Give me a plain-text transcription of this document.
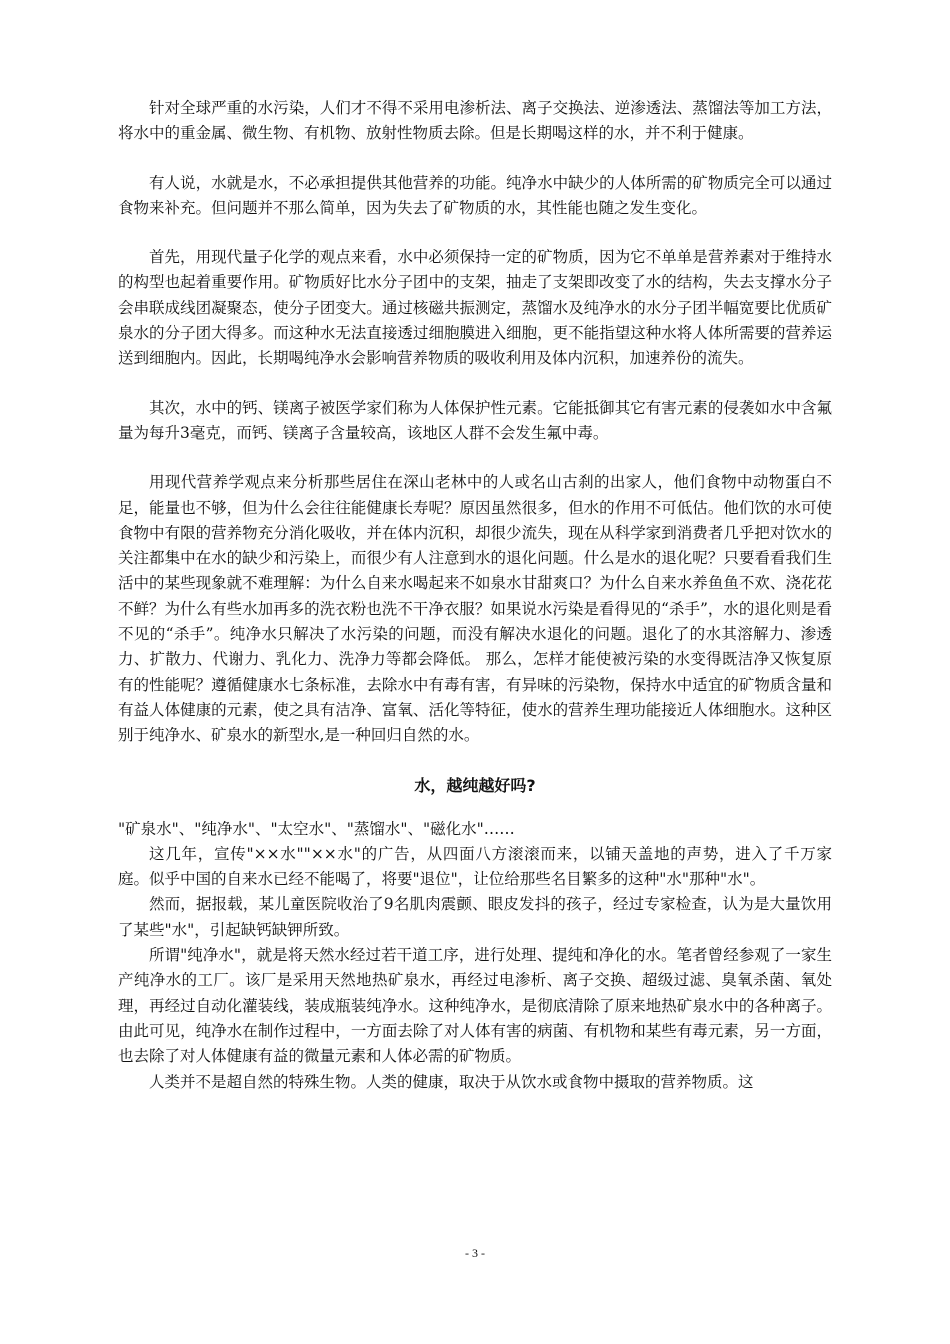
针对全球严重的水污染，人们才不得不采用电渗析法、离子交换法、逆渗透法、蒸馏法等加工方法，将水中的重金属、微生物、有机物、放射性物质去除。但是长期喝这样的水，并不利于健康。

有人说，水就是水，不必承担提供其他营养的功能。纯净水中缺少的人体所需的矿物质完全可以通过食物来补充。但问题并不那么简单，因为失去了矿物质的水，其性能也随之发生变化。

首先，用现代量子化学的观点来看，水中必须保持一定的矿物质，因为它不单单是营养素对于维持水的构型也起着重要作用。矿物质好比水分子团中的支架，抽走了支架即改变了水的结构，失去支撑水分子会串联成线团凝聚态，使分子团变大。通过核磁共振测定，蒸馏水及纯净水的水分子团半幅宽要比优质矿泉水的分子团大得多。而这种水无法直接透过细胞膜进入细胞，更不能指望这种水将人体所需要的营养运送到细胞内。因此，长期喝纯净水会影响营养物质的吸收利用及体内沉积，加速养份的流失。

其次，水中的钙、镁离子被医学家们称为人体保护性元素。它能抵御其它有害元素的侵袭如水中含氟量为每升3毫克，而钙、镁离子含量较高，该地区人群不会发生氟中毒。

用现代营养学观点来分析那些居住在深山老林中的人或名山古刹的出家人，他们食物中动物蛋白不足，能量也不够，但为什么会往往能健康长寿呢？原因虽然很多，但水的作用不可低估。他们饮的水可使食物中有限的营养物充分消化吸收，并在体内沉积，却很少流失，现在从科学家到消费者几乎把对饮水的关注都集中在水的缺少和污染上，而很少有人注意到水的退化问题。什么是水的退化呢？只要看看我们生活中的某些现象就不难理解：为什么自来水喝起来不如泉水甘甜爽口？为什么自来水养鱼鱼不欢、浇花花不鲜？为什么有些水加再多的洗衣粉也洗不干净衣服？如果说水污染是看得见的“杀手”，水的退化则是看不见的“杀手”。纯净水只解决了水污染的问题，而没有解决水退化的问题。退化了的水其溶解力、渗透力、扩散力、代谢力、乳化力、洗净力等都会降低。 那么，怎样才能使被污染的水变得既洁净又恢复原有的性能呢？遵循健康水七条标准，去除水中有毒有害，有异味的污染物，保持水中适宜的矿物质含量和有益人体健康的元素，使之具有洁净、富氧、活化等特征，使水的营养生理功能接近人体细胞水。这种区别于纯净水、矿泉水的新型水,是一种回归自然的水。

水，越纯越好吗?

"矿泉水"、"纯净水"、"太空水"、"蒸馏水"、"磁化水"……

这几年，宣传"××水""××水"的广告，从四面八方滚滚而来，以铺天盖地的声势，进入了千万家庭。似乎中国的自来水已经不能喝了，将要"退位"，让位给那些名目繁多的这种"水"那种"水"。

然而，据报载，某儿童医院收治了9名肌肉震颤、眼皮发抖的孩子，经过专家检查，认为是大量饮用了某些"水"，引起缺钙缺钾所致。

所谓"纯净水"，就是将天然水经过若干道工序，进行处理、提纯和净化的水。笔者曾经参观了一家生产纯净水的工厂。该厂是采用天然地热矿泉水，再经过电渗析、离子交换、超级过滤、臭氧杀菌、氧处理，再经过自动化灌装线，装成瓶装纯净水。这种纯净水，是彻底清除了原来地热矿泉水中的各种离子。由此可见，纯净水在制作过程中，一方面去除了对人体有害的病菌、有机物和某些有毒元素，另一方面，也去除了对人体健康有益的微量元素和人体必需的矿物质。

人类并不是超自然的特殊生物。人类的健康，取决于从饮水或食物中摄取的营养物质。这

- 3 -
